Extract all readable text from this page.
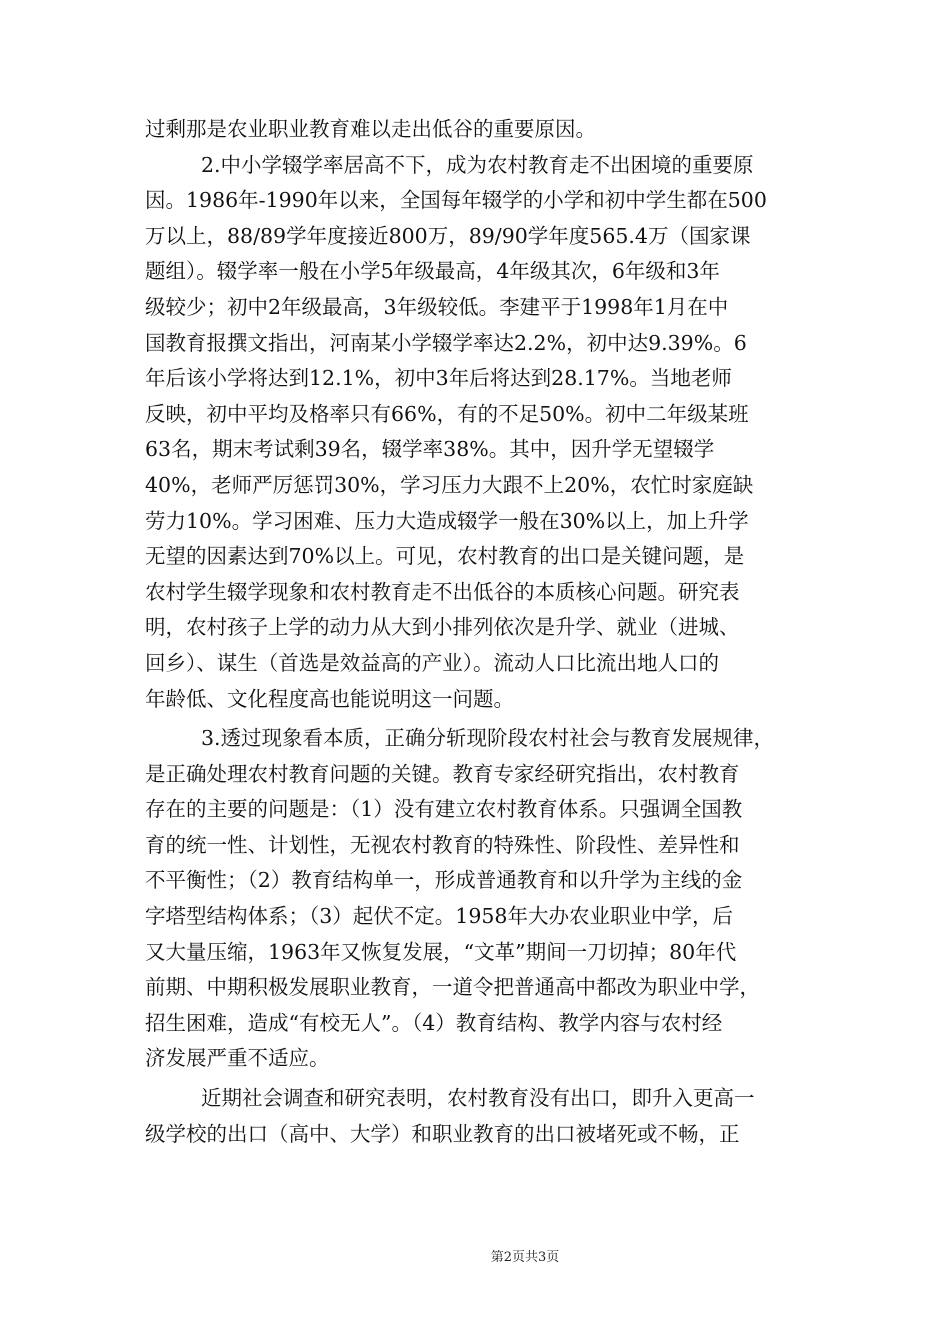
过剩那是农业职业教育难以走出低谷的重要原因。
2.中小学辍学率居高不下，成为农村教育走不出困境的重要原
因。1986年-1990年以来，全国每年辍学的小学和初中学生都在500
万以上，88/89学年度接近800万，89/90学年度565.4万（国家课
题组）。辍学率一般在小学5年级最高，4年级其次，6年级和3年
级较少；初中2年级最高，3年级较低。李建平于1998年1月在中
国教育报撰文指出，河南某小学辍学率达2.2%，初中达9.39%。6
年后该小学将达到12.1%，初中3年后将达到28.17%。当地老师
反映，初中平均及格率只有66%，有的不足50%。初中二年级某班
63名，期末考试剩39名，辍学率38%。其中，因升学无望辍学
40%，老师严厉惩罚30%，学习压力大跟不上20%，农忙时家庭缺
劳力10%。学习困难、压力大造成辍学一般在30%以上，加上升学
无望的因素达到70%以上。可见，农村教育的出口是关键问题，是
农村学生辍学现象和农村教育走不出低谷的本质核心问题。研究表
明，农村孩子上学的动力从大到小排列依次是升学、就业（进城、
回乡）、谋生（首选是效益高的产业）。流动人口比流出地人口的
年龄低、文化程度高也能说明这一问题。
3.透过现象看本质，正确分斩现阶段农村社会与教育发展规律，
是正确处理农村教育问题的关键。教育专家经研究指出，农村教育
存在的主要的问题是：（1）没有建立农村教育体系。只强调全国教
育的统一性、计划性，无视农村教育的特殊性、阶段性、差异性和
不平衡性；（2）教育结构单一，形成普通教育和以升学为主线的金
字塔型结构体系；（3）起伏不定。1958年大办农业职业中学，后
又大量压缩，1963年又恢复发展，“文革”期间一刀切掉；80年代
前期、中期积极发展职业教育，一道令把普通高中都改为职业中学，
招生困难，造成“有校无人”。（4）教育结构、教学内容与农村经
济发展严重不适应。
近期社会调查和研究表明，农村教育没有出口，即升入更高一
级学校的出口（高中、大学）和职业教育的出口被堵死或不畅，正
第2页共3页
